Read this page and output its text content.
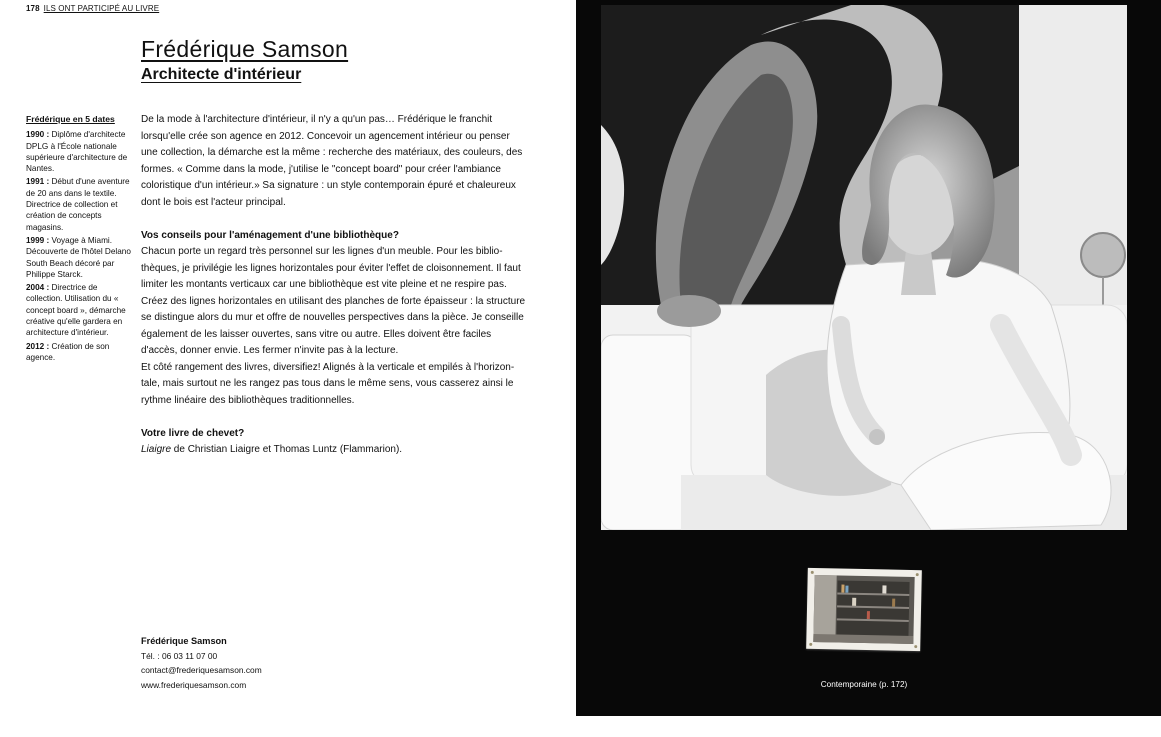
178 ILS ONT PARTICIPÉ AU LIVRE
Frédérique Samson
Architecte d'intérieur
Frédérique en 5 dates
1990 : Diplôme d'architecte DPLG à l'École nationale supérieure d'architecture de Nantes.
1991 : Début d'une aventure de 20 ans dans le textile. Directrice de collection et création de concepts magasins.
1999 : Voyage à Miami. Découverte de l'hôtel Delano South Beach décoré par Philippe Starck.
2004 : Directrice de collection. Utilisation du « concept board », démarche créative qu'elle gardera en architecture d'intérieur.
2012 : Création de son agence.

De la mode à l'architecture d'intérieur, il n'y a qu'un pas… Frédérique le franchit lorsqu'elle crée son agence en 2012. Concevoir un agencement intérieur ou penser une collection, la démarche est la même : recherche des matériaux, des couleurs, des formes. « Comme dans la mode, j'utilise le "concept board" pour créer l'ambiance coloristique d'un intérieur.» Sa signature : un style contemporain épuré et chaleureux dont le bois est l'acteur principal.

Vos conseils pour l'aménagement d'une bibliothèque?

Chacun porte un regard très personnel sur les lignes d'un meuble. Pour les bibliothèques, je privilégie les lignes horizontales pour éviter l'effet de cloisonnement. Il faut limiter les montants verticaux car une bibliothèque est vite pleine et ne respire pas. Créez des lignes horizontales en utilisant des planches de forte épaisseur : la structure se distingue alors du mur et offre de nouvelles perspectives dans la pièce. Je conseille également de les laisser ouvertes, sans vitre ou autre. Elles doivent être faciles d'accès, donner envie. Les fermer n'invite pas à la lecture.

Et côté rangement des livres, diversifiez! Alignés à la verticale et empilés à l'horizontale, mais surtout ne les rangez pas tous dans le même sens, vous casserez ainsi le rythme linéaire des bibliothèques traditionnelles.

Votre livre de chevet?

Liaigre de Christian Liaigre et Thomas Luntz (Flammarion).

Frédérique Samson
Tél. : 06 03 11 07 00
contact@frederiquesamson.com
www.frederiquesamson.com	Contemporaine (p. 172)
